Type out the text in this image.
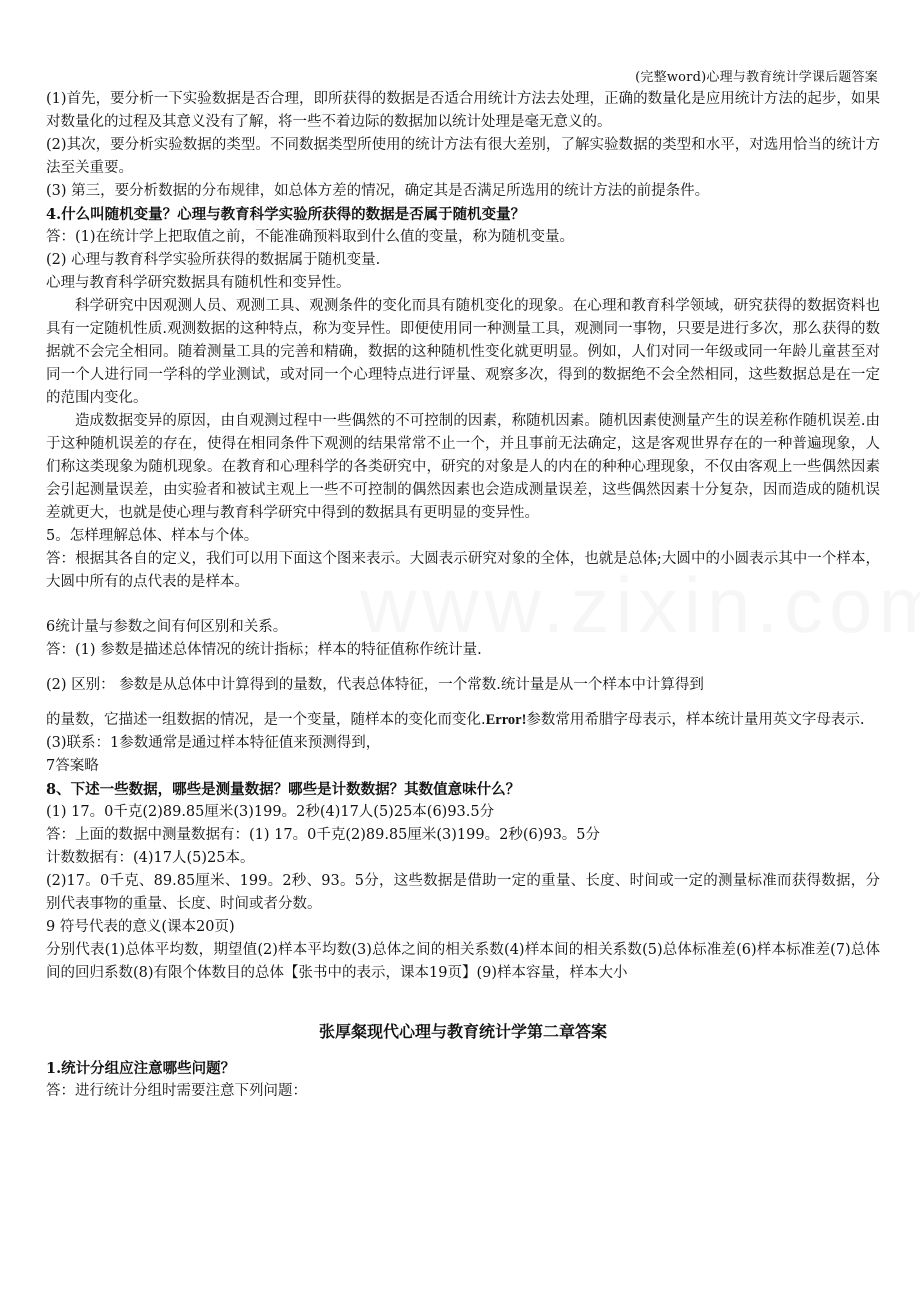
(完整word)心理与教育统计学课后题答案

(1)首先，要分析一下实验数据是否合理，即所获得的数据是否适合用统计方法去处理，正确的数量化是应用统计方法的起步，如果对数量化的过程及其意义没有了解，将一些不着边际的数据加以统计处理是毫无意义的。

(2)其次，要分析实验数据的类型。不同数据类型所使用的统计方法有很大差别，了解实验数据的类型和水平，对选用恰当的统计方法至关重要。

(3) 第三，要分析数据的分布规律，如总体方差的情况，确定其是否满足所选用的统计方法的前提条件。

4.什么叫随机变量？心理与教育科学实验所获得的数据是否属于随机变量？

答：(1)在统计学上把取值之前，不能准确预料取到什么值的变量，称为随机变量。

(2) 心理与教育科学实验所获得的数据属于随机变量.

心理与教育科学研究数据具有随机性和变异性。

科学研究中因观测人员、观测工具、观测条件的变化而具有随机变化的现象。在心理和教育科学领域，研究获得的数据资料也具有一定随机性质.观测数据的这种特点，称为变异性。即便使用同一种测量工具，观测同一事物，只要是进行多次，那么获得的数据就不会完全相同。随着测量工具的完善和精确，数据的这种随机性变化就更明显。例如，人们对同一年级或同一年龄儿童甚至对同一个人进行同一学科的学业测试，或对同一个心理特点进行评量、观察多次，得到的数据绝不会全然相同，这些数据总是在一定的范围内变化。

造成数据变异的原因，由自观测过程中一些偶然的不可控制的因素，称随机因素。随机因素使测量产生的误差称作随机误差.由于这种随机误差的存在，使得在相同条件下观测的结果常常不止一个，并且事前无法确定，这是客观世界存在的一种普遍现象，人们称这类现象为随机现象。在教育和心理科学的各类研究中，研究的对象是人的内在的种种心理现象，不仅由客观上一些偶然因素会引起测量误差，由实验者和被试主观上一些不可控制的偶然因素也会造成测量误差，这些偶然因素十分复杂，因而造成的随机误差就更大，也就是使心理与教育科学研究中得到的数据具有更明显的变异性。

5。怎样理解总体、样本与个体。

答：根据其各自的定义，我们可以用下面这个图来表示。大圆表示研究对象的全体，也就是总体;大圆中的小圆表示其中一个样本，大圆中所有的点代表的是样本。

6统计量与参数之间有何区别和关系。

答：(1) 参数是描述总体情况的统计指标；样本的特征值称作统计量.

(2) 区别： 参数是从总体中计算得到的量数，代表总体特征，一个常数.统计量是从一个样本中计算得到

的量数，它描述一组数据的情况，是一个变量，随样本的变化而变化.Error!参数常用希腊字母表示，样本统计量用英文字母表示.

(3)联系：1参数通常是通过样本特征值来预测得到，

7答案略

8、下述一些数据，哪些是测量数据？哪些是计数数据？其数值意味什么？

(1) 17。0千克(2)89.85厘米(3)199。2秒(4)17人(5)25本(6)93.5分

答：上面的数据中测量数据有：(1) 17。0千克(2)89.85厘米(3)199。2秒(6)93。5分

计数数据有：(4)17人(5)25本。

(2)17。0千克、89.85厘米、199。2秒、93。5分，这些数据是借助一定的重量、长度、时间或一定的测量标准而获得数据，分别代表事物的重量、长度、时间或者分数。

9 符号代表的意义(课本20页)

分别代表(1)总体平均数，期望值(2)样本平均数(3)总体之间的相关系数(4)样本间的相关系数(5)总体标准差(6)样本标准差(7)总体间的回归系数(8)有限个体数目的总体【张书中的表示，课本19页】(9)样本容量，样本大小

张厚粲现代心理与教育统计学第二章答案

1.统计分组应注意哪些问题？

答：进行统计分组时需要注意下列问题：
